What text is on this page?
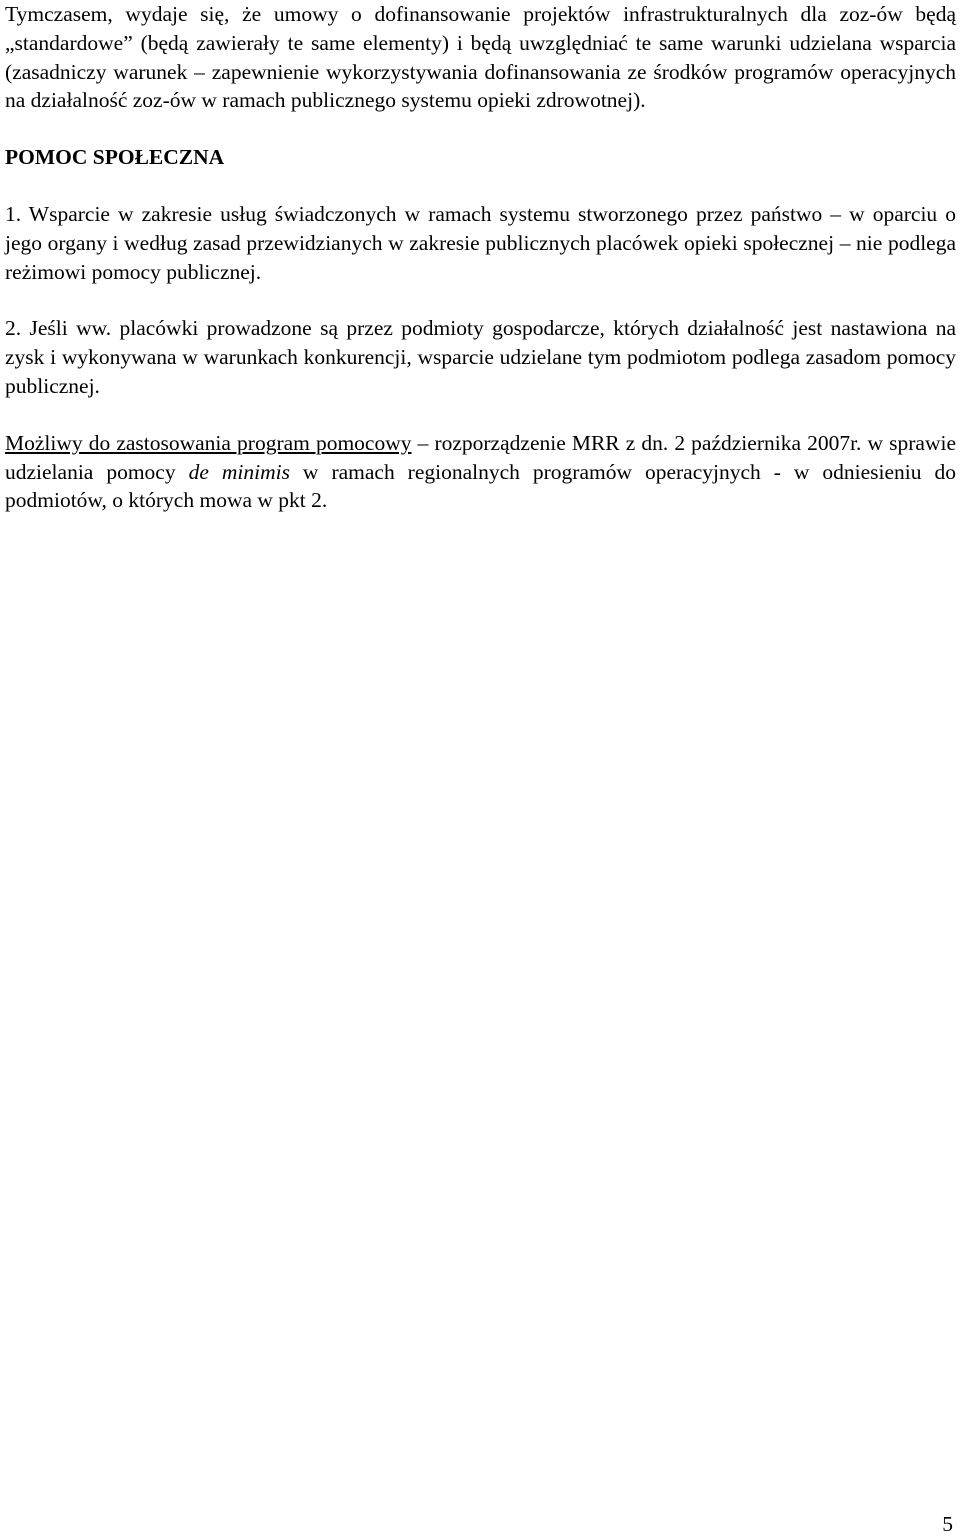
Tymczasem, wydaje się, że umowy o dofinansowanie projektów infrastrukturalnych dla zoz-ów będą „standardowe” (będą zawierały te same elementy) i będą uwzględniać te same warunki udzielana wsparcia (zasadniczy warunek – zapewnienie wykorzystywania dofinansowania ze środków programów operacyjnych na działalność zoz-ów w ramach publicznego systemu opieki zdrowotnej).

POMOC SPOŁECZNA

1. Wsparcie w zakresie usług świadczonych w ramach systemu stworzonego przez państwo – w oparciu o jego organy i według zasad przewidzianych w zakresie publicznych placówek opieki społecznej – nie podlega reżimowi pomocy publicznej.

2. Jeśli ww. placówki prowadzone są przez podmioty gospodarcze, których działalność jest nastawiona na zysk i wykonywana w warunkach konkurencji, wsparcie udzielane tym podmiotom podlega zasadom pomocy publicznej.

Możliwy do zastosowania program pomocowy – rozporządzenie MRR z dn. 2 października 2007r. w sprawie udzielania pomocy de minimis w ramach regionalnych programów operacyjnych - w odniesieniu do podmiotów, o których mowa w pkt 2.

5
